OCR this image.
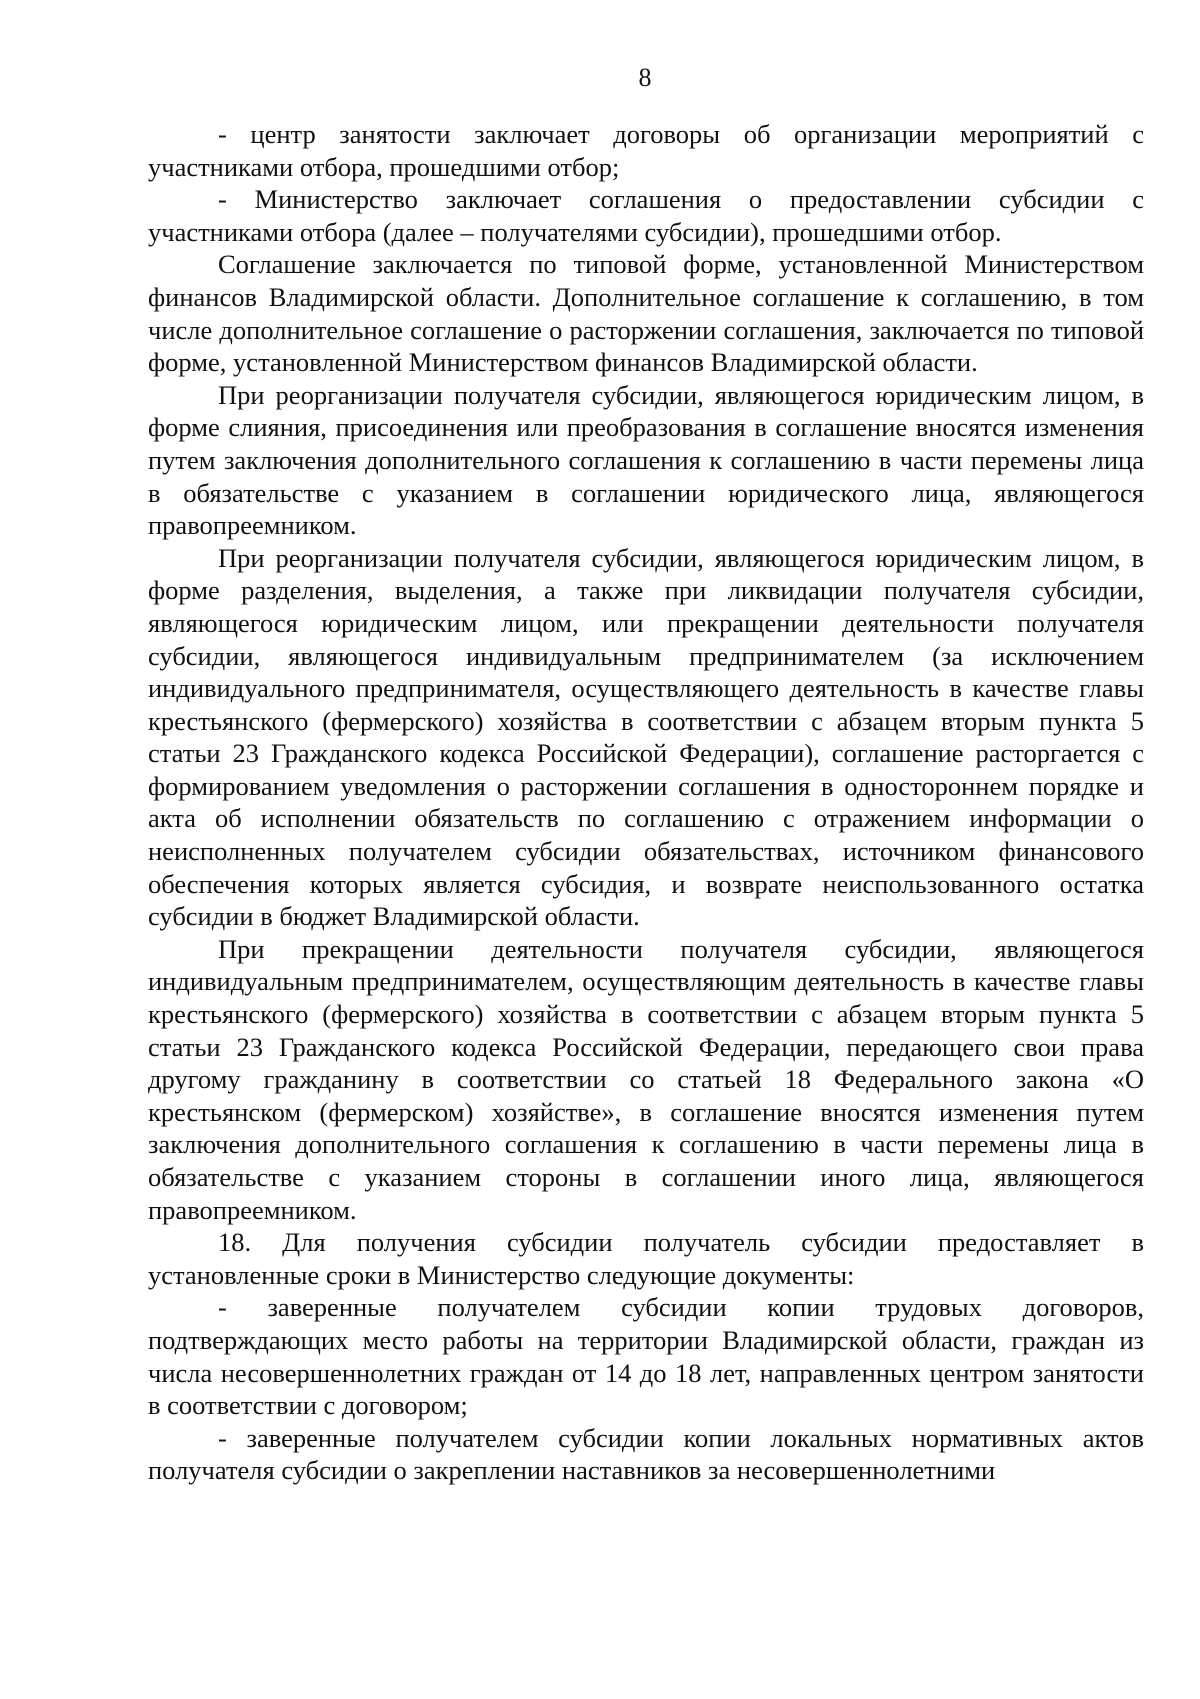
8

- центр занятости заключает договоры об организации мероприятий с участниками отбора, прошедшими отбор;

- Министерство заключает соглашения о предоставлении субсидии с участниками отбора (далее – получателями субсидии), прошедшими отбор.

Соглашение заключается по типовой форме, установленной Министерством финансов Владимирской области. Дополнительное соглашение к соглашению, в том числе дополнительное соглашение о расторжении соглашения, заключается по типовой форме, установленной Министерством финансов Владимирской области.

При реорганизации получателя субсидии, являющегося юридическим лицом, в форме слияния, присоединения или преобразования в соглашение вносятся изменения путем заключения дополнительного соглашения к соглашению в части перемены лица в обязательстве с указанием в соглашении юридического лица, являющегося правопреемником.

При реорганизации получателя субсидии, являющегося юридическим лицом, в форме разделения, выделения, а также при ликвидации получателя субсидии, являющегося юридическим лицом, или прекращении деятельности получателя субсидии, являющегося индивидуальным предпринимателем (за исключением индивидуального предпринимателя, осуществляющего деятельность в качестве главы крестьянского (фермерского) хозяйства в соответствии с абзацем вторым пункта 5 статьи 23 Гражданского кодекса Российской Федерации), соглашение расторгается с формированием уведомления о расторжении соглашения в одностороннем порядке и акта об исполнении обязательств по соглашению с отражением информации о неисполненных получателем субсидии обязательствах, источником финансового обеспечения которых является субсидия, и возврате неиспользованного остатка субсидии в бюджет Владимирской области.

При прекращении деятельности получателя субсидии, являющегося индивидуальным предпринимателем, осуществляющим деятельность в качестве главы крестьянского (фермерского) хозяйства в соответствии с абзацем вторым пункта 5 статьи 23 Гражданского кодекса Российской Федерации, передающего свои права другому гражданину в соответствии со статьей 18 Федерального закона «О крестьянском (фермерском) хозяйстве», в соглашение вносятся изменения путем заключения дополнительного соглашения к соглашению в части перемены лица в обязательстве с указанием стороны в соглашении иного лица, являющегося правопреемником.

18. Для получения субсидии получатель субсидии предоставляет в установленные сроки в Министерство следующие документы:

- заверенные получателем субсидии копии трудовых договоров, подтверждающих место работы на территории Владимирской области, граждан из числа несовершеннолетних граждан от 14 до 18 лет, направленных центром занятости в соответствии с договором;

- заверенные получателем субсидии копии локальных нормативных актов получателя субсидии о закреплении наставников за несовершеннолетними
